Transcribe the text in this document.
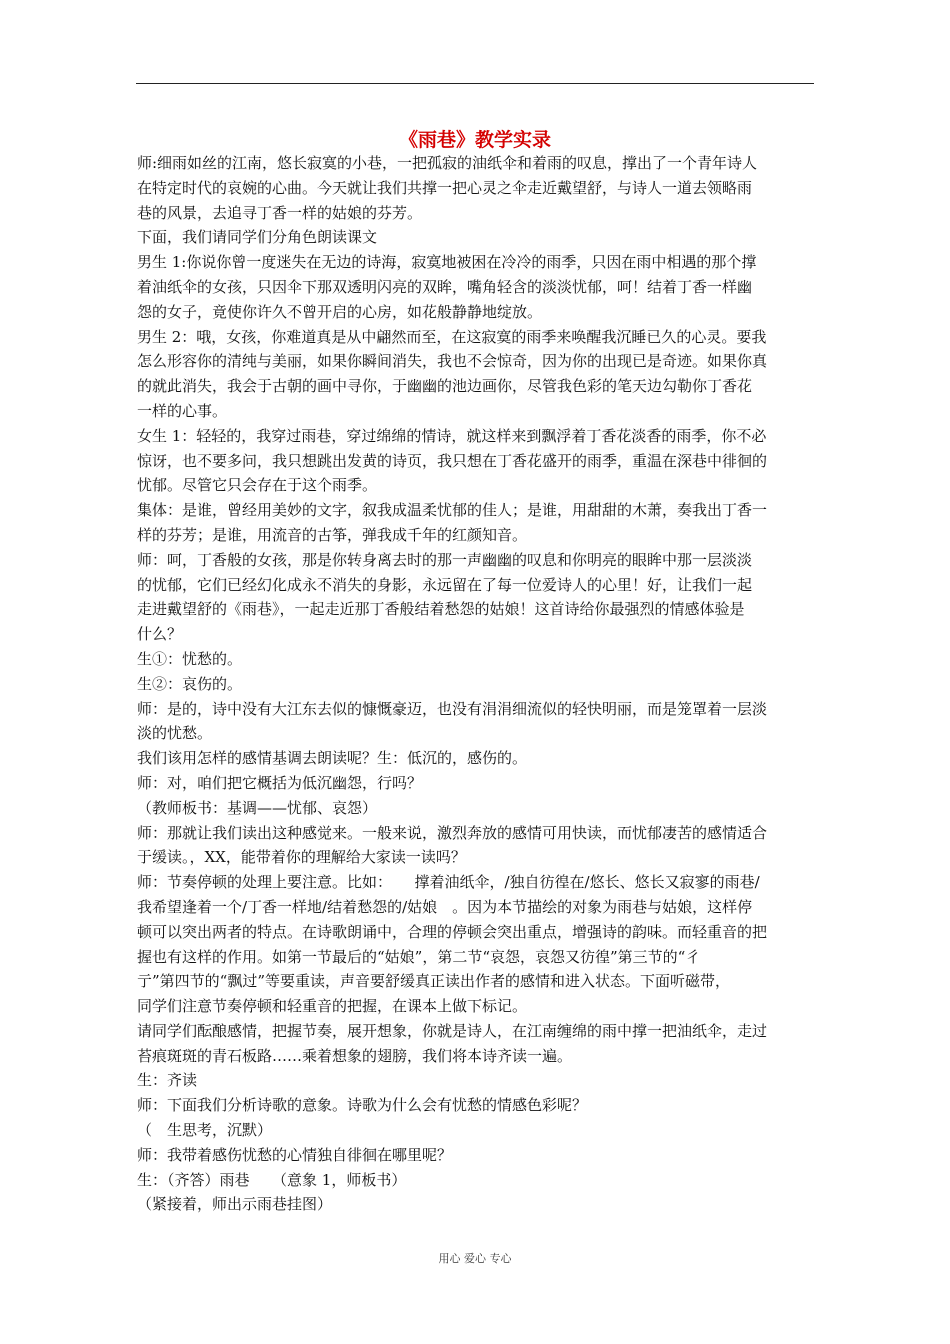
《雨巷》教学实录

师:细雨如丝的江南，悠长寂寞的小巷，一把孤寂的油纸伞和着雨的叹息，撑出了一个青年诗人

在特定时代的哀婉的心曲。今天就让我们共撑一把心灵之伞走近戴望舒，与诗人一道去领略雨

巷的风景，去追寻丁香一样的姑娘的芬芳。

下面，我们请同学们分角色朗读课文

男生 1:你说你曾一度迷失在无边的诗海，寂寞地被困在冷冷的雨季，只因在雨中相遇的那个撑

着油纸伞的女孩，只因伞下那双透明闪亮的双眸，嘴角轻含的淡淡忧郁，呵！结着丁香一样幽

怨的女子，竟使你许久不曾开启的心房，如花般静静地绽放。

男生 2：哦，女孩，你难道真是从中翩然而至，在这寂寞的雨季来唤醒我沉睡已久的心灵。要我

怎么形容你的清纯与美丽，如果你瞬间消失，我也不会惊奇，因为你的出现已是奇迹。如果你真

的就此消失，我会于古朝的画中寻你，于幽幽的池边画你，尽管我色彩的笔天边勾勒你丁香花

一样的心事。

女生 1：轻轻的，我穿过雨巷，穿过绵绵的情诗，就这样来到飘浮着丁香花淡香的雨季，你不必

惊讶，也不要多问，我只想跳出发黄的诗页，我只想在丁香花盛开的雨季，重温在深巷中徘徊的

忧郁。尽管它只会存在于这个雨季。

集体：是谁，曾经用美妙的文字，叙我成温柔忧郁的佳人；是谁，用甜甜的木萧，奏我出丁香一

样的芬芳；是谁，用流音的古筝，弹我成千年的红颜知音。

师：呵，丁香般的女孩，那是你转身离去时的那一声幽幽的叹息和你明亮的眼眸中那一层淡淡

的忧郁，它们已经幻化成永不消失的身影，永远留在了每一位爱诗人的心里！好，让我们一起

走进戴望舒的《雨巷》，一起走近那丁香般结着愁怨的姑娘！这首诗给你最强烈的情感体验是

什么？

生①：忧愁的。

生②：哀伤的。

师：是的，诗中没有大江东去似的慷慨豪迈，也没有涓涓细流似的轻快明丽，而是笼罩着一层淡

淡的忧愁。

我们该用怎样的感情基调去朗读呢？生：低沉的，感伤的。

师：对，咱们把它概括为低沉幽怨，行吗？

（教师板书：基调——忧郁、哀怨）

师：那就让我们读出这种感觉来。一般来说，激烈奔放的感情可用快读，而忧郁凄苦的感情适合

于缓读。，XX，能带着你的理解给大家读一读吗？

师：节奏停顿的处理上要注意。比如：　　撑着油纸伞，/独自彷徨在/悠长、悠长又寂寥的雨巷/

我希望逢着一个/丁香一样地/结着愁怨的/姑娘　。因为本节描绘的对象为雨巷与姑娘，这样停

顿可以突出两者的特点。在诗歌朗诵中，合理的停顿会突出重点，增强诗的韵味。而轻重音的把

握也有这样的作用。如第一节最后的“姑娘”，第二节“哀怨，哀怨又彷徨”第三节的“彳

亍”第四节的“飘过”等要重读，声音要舒缓真正读出作者的感情和进入状态。下面听磁带，

同学们注意节奏停顿和轻重音的把握，在课本上做下标记。

请同学们酝酿感情，把握节奏，展开想象，你就是诗人，在江南缠绵的雨中撑一把油纸伞，走过

苔痕斑斑的青石板路……乘着想象的翅膀，我们将本诗齐读一遍。

生：齐读

师：下面我们分析诗歌的意象。诗歌为什么会有忧愁的情感色彩呢？

（　生思考，沉默）

师：我带着感伤忧愁的心情独自徘徊在哪里呢？

生：（齐答）雨巷　　（意象 1，师板书）

（紧接着，师出示雨巷挂图）

用心 爱心 专心
